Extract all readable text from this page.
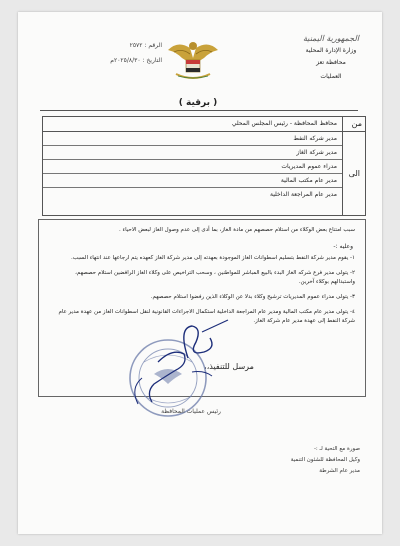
الجمهورية اليمنية
وزارة الإدارة المحلية
محافظة تعز
العمليات
الرقم : ٢٥٧٢
التاريخ : ٢٠٢٥/٨/٣٠م
( برقية )
من
الى
محافظ المحافظة - رئيس المجلس المحلي
مدير شركه النفط
مدير شركة الغاز
مدراء عموم المديريات
مدير عام مكتب المالية
مدير عام المراجعة الداخلية
سبب امتناع بعض الوكلاء من استلام حصصهم من مادة الغاز، بما أدى إلى عدم وصول الغاز لبعض الاحياء .
وعليه :-

١- يقوم مدير شركة النفط بتسليم اسطوانات الغاز الموجودة بعهدته إلى مدير شركة الغاز كعهده يتم ارجاعها عند انتهاء السبب.

٢- يتولى مدير فرع شركه الغاز البدء بالبيع المباشر للمواطنين ، وسحب التراخيص على وكلاء الغاز الرافضين استلام حصصهم، واستبدالهم بوكلاء آخرين.

٣- يتولى مدراء عموم المديريات ترشيح وكلاء بدلا عن الوكلاء الذين رفضوا استلام حصصهم.

٤- يتولى مدير عام مكتب المالية ومدير عام المراجعة الداخلية استكمال الاجراءات القانونية لنقل اسطوانات الغاز من عهدة مدير عام شركة النفط إلى عهدة مدير عام شركة الغاز.

مرسل للتنفيذ،،
رئيس عمليات المحافظة
صورة مع التحية لـ :-
وكيل المحافظة للشئون التنمية
مدير عام الشرطة
